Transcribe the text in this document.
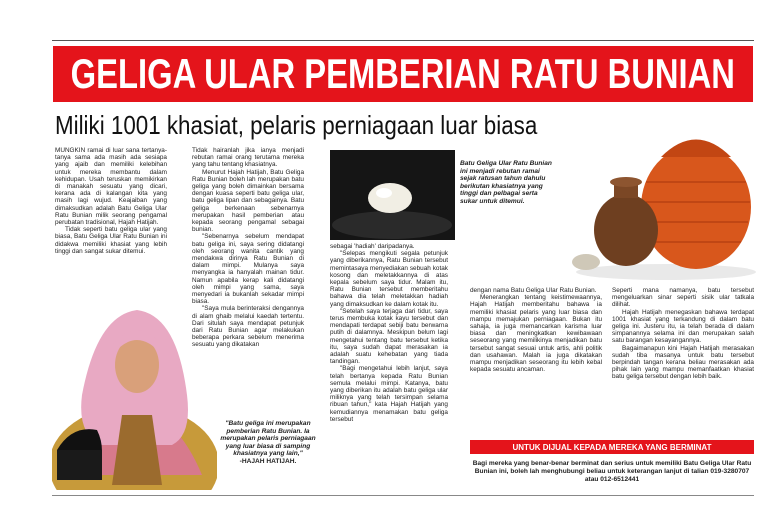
GELIGA ULAR PEMBERIAN RATU BUNIAN
Miliki 1001 khasiat, pelaris perniagaan luar biasa

MUNGKIN ramai di luar sana tertanya-tanya sama ada masih ada sesiapa yang ajaib dan memiliki kelebihan untuk mereka membantu dalam kehidupan. Usah teruskan memikirkan di manakah sesuatu yang dicari, kerana ada di kalangan kita yang masih lagi wujud. Keajaiban yang dimaksudkan adalah Batu Geliga Ular Ratu Bunian milik seorang pengamal perubatan tradisional, Hajah Hatijah.

Tidak seperti batu geliga ular yang biasa, Batu Geliga Ular Ratu Bunian ini didakwa memiliki khasiat yang lebih tinggi dan sangat sukar ditemui.

Tidak hairanlah jika ianya menjadi rebutan ramai orang terutama mereka yang tahu tentang khasiatnya.

Menurut Hajah Hatijah, Batu Geliga Ratu Bunian boleh lah merupakan batu geliga yang boleh dimainkan bersama dengan kuasa seperti batu geliga ular, batu geliga lipan dan sebagainya. Batu geliga berkenaan sebenarnya merupakan hasil pemberian atau kepada seorang pengamal sebagai bunian.

"Sebenarnya sebelum mendapat batu geliga ini, saya sering didatangi oleh seorang wanita cantik yang mendakwa dirinya Ratu Bunian di dalam mimpi. Mulanya saya menyangka ia hanyalah mainan tidur. Namun apabila kerap kali didatangi oleh mimpi yang sama, saya menyedari ia bukanlah sekadar mimpi biasa.

"Saya mula berinteraksi dengannya di alam ghaib melalui kaedah tertentu. Dari situlah saya mendapat petunjuk dari Ratu Bunian agar melakukan beberapa perkara sebelum menerima sesuatu yang dikatakan

sebagai 'hadiah' daripadanya.

"Selepas mengikuti segala petunjuk yang diberikannya, Ratu Bunian tersebut memintasaya menyediakan sebuah kotak kosong dan meletakkannya di atas kepala sebelum saya tidur. Malam itu, Ratu Bunian tersebut memberitahu bahawa dia telah meletakkan hadiah yang dimaksudkan ke dalam kotak itu.

"Setelah saya terjaga dari tidur, saya terus membuka kotak kayu tersebut dan mendapati terdapat sebiji batu berwarna putih di dalamnya. Meskipun belum lagi mengetahui tentang batu tersebut ketika itu, saya sudah dapat merasakan ia adalah suatu kehebatan yang tiada tandingan.

"Bagi mengetahui lebih lanjut, saya telah bertanya kepada Ratu Bunian semula melalui mimpi. Katanya, batu yang diberikan itu adalah batu geliga ular miliknya yang telah tersimpan selama ribuan tahun," kata Hajah Hatijah yang kemudiannya menamakan batu geliga tersebut

Batu Geliga Ular Ratu Bunian ini menjadi rebutan ramai sejak ratusan tahun dahulu berikutan khasiatnya yang tinggi dan pelbagai serta sukar untuk ditemui.

dengan nama Batu Geliga Ular Ratu Bunian.

Menerangkan tentang keistimewaannya, Hajah Hatijah memberitahu bahawa ia memiliki khasiat pelaris yang luar biasa dan mampu memajukan perniagaan. Bukan itu sahaja, ia juga memancarkan karisma luar biasa dan meningkatkan kewibawaan seseorang yang memilikinya menjadikan batu tersebut sangat sesuai untuk artis, ahli politik dan usahawan. Malah ia juga dikatakan mampu menjadikan seseorang itu lebih kebal kepada sesuatu ancaman.

Seperti mana namanya, batu tersebut mengeluarkan sinar seperti sisik ular tatkala dilihat.

Hajah Hatijah menegaskan bahawa terdapat 1001 khasiat yang terkandung di dalam batu geliga ini. Justeru itu, ia telah berada di dalam simpanannya selama ini dan merupakan salah satu barangan kesayangannya.

Bagaimanapun kini Hajah Hatijah merasakan sudah tiba masanya untuk batu tersebut berpindah tangan kerana beliau merasakan ada pihak lain yang mampu memanfaatkan khasiat batu geliga tersebut dengan lebih baik.

"Batu geliga ini merupakan pemberian Ratu Bunian. Ia merupakan pelaris perniagaan yang luar biasa di samping khasiatnya yang lain,"
-HAJAH HATIJAH.
UNTUK DIJUAL KEPADA MEREKA YANG BERMINAT
Bagi mereka yang benar-benar berminat dan serius untuk memiliki Batu Geliga Ular Ratu Bunian ini, boleh lah menghubungi beliau untuk keterangan lanjut di talian 019-3280707 atau 012-6512441
